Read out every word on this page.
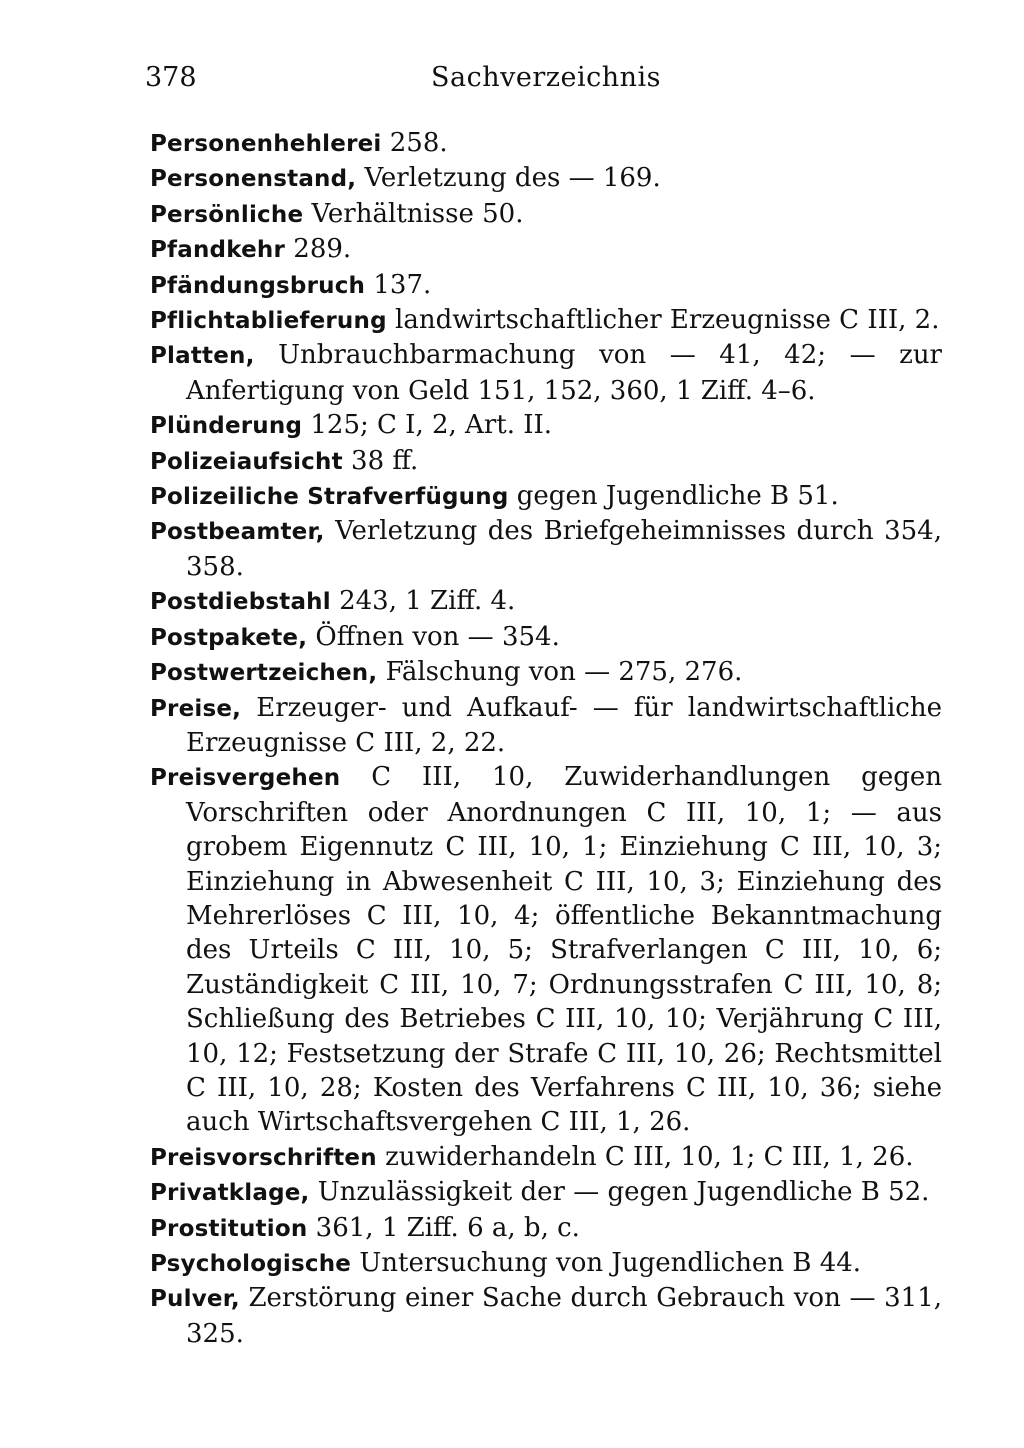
378	Sachverzeichnis
Personenhehlerei 258.
Personenstand, Verletzung des — 169.
Persönliche Verhältnisse 50.
Pfandkehr 289.
Pfändungsbruch 137.
Pflichtablieferung landwirtschaftlicher Erzeugnisse C III, 2.
Platten, Unbrauchbarmachung von — 41, 42; — zur Anfertigung von Geld 151, 152, 360, 1 Ziff. 4–6.
Plünderung 125; C I, 2, Art. II.
Polizeiaufsicht 38 ff.
Polizeiliche Strafverfügung gegen Jugendliche B 51.
Postbeamter, Verletzung des Briefgeheimnisses durch 354, 358.
Postdiebstahl 243, 1 Ziff. 4.
Postpakete, Öffnen von — 354.
Postwertzeichen, Fälschung von — 275, 276.
Preise, Erzeuger- und Aufkauf- — für landwirtschaftliche Erzeugnisse C III, 2, 22.
Preisvergehen C III, 10, Zuwiderhandlungen gegen Vorschriften oder Anordnungen C III, 10, 1; — aus grobem Eigennutz C III, 10, 1; Einziehung C III, 10, 3; Einziehung in Abwesenheit C III, 10, 3; Einziehung des Mehrerlöses C III, 10, 4; öffentliche Bekanntmachung des Urteils C III, 10, 5; Strafverlangen C III, 10, 6; Zuständigkeit C III, 10, 7; Ordnungsstrafen C III, 10, 8; Schließung des Betriebes C III, 10, 10; Verjährung C III, 10, 12; Festsetzung der Strafe C III, 10, 26; Rechtsmittel C III, 10, 28; Kosten des Verfahrens C III, 10, 36; siehe auch Wirtschaftsvergehen C III, 1, 26.
Preisvorschriften zuwiderhandeln C III, 10, 1; C III, 1, 26.
Privatklage, Unzulässigkeit der — gegen Jugendliche B 52.
Prostitution 361, 1 Ziff. 6 a, b, c.
Psychologische Untersuchung von Jugendlichen B 44.
Pulver, Zerstörung einer Sache durch Gebrauch von — 311, 325.
